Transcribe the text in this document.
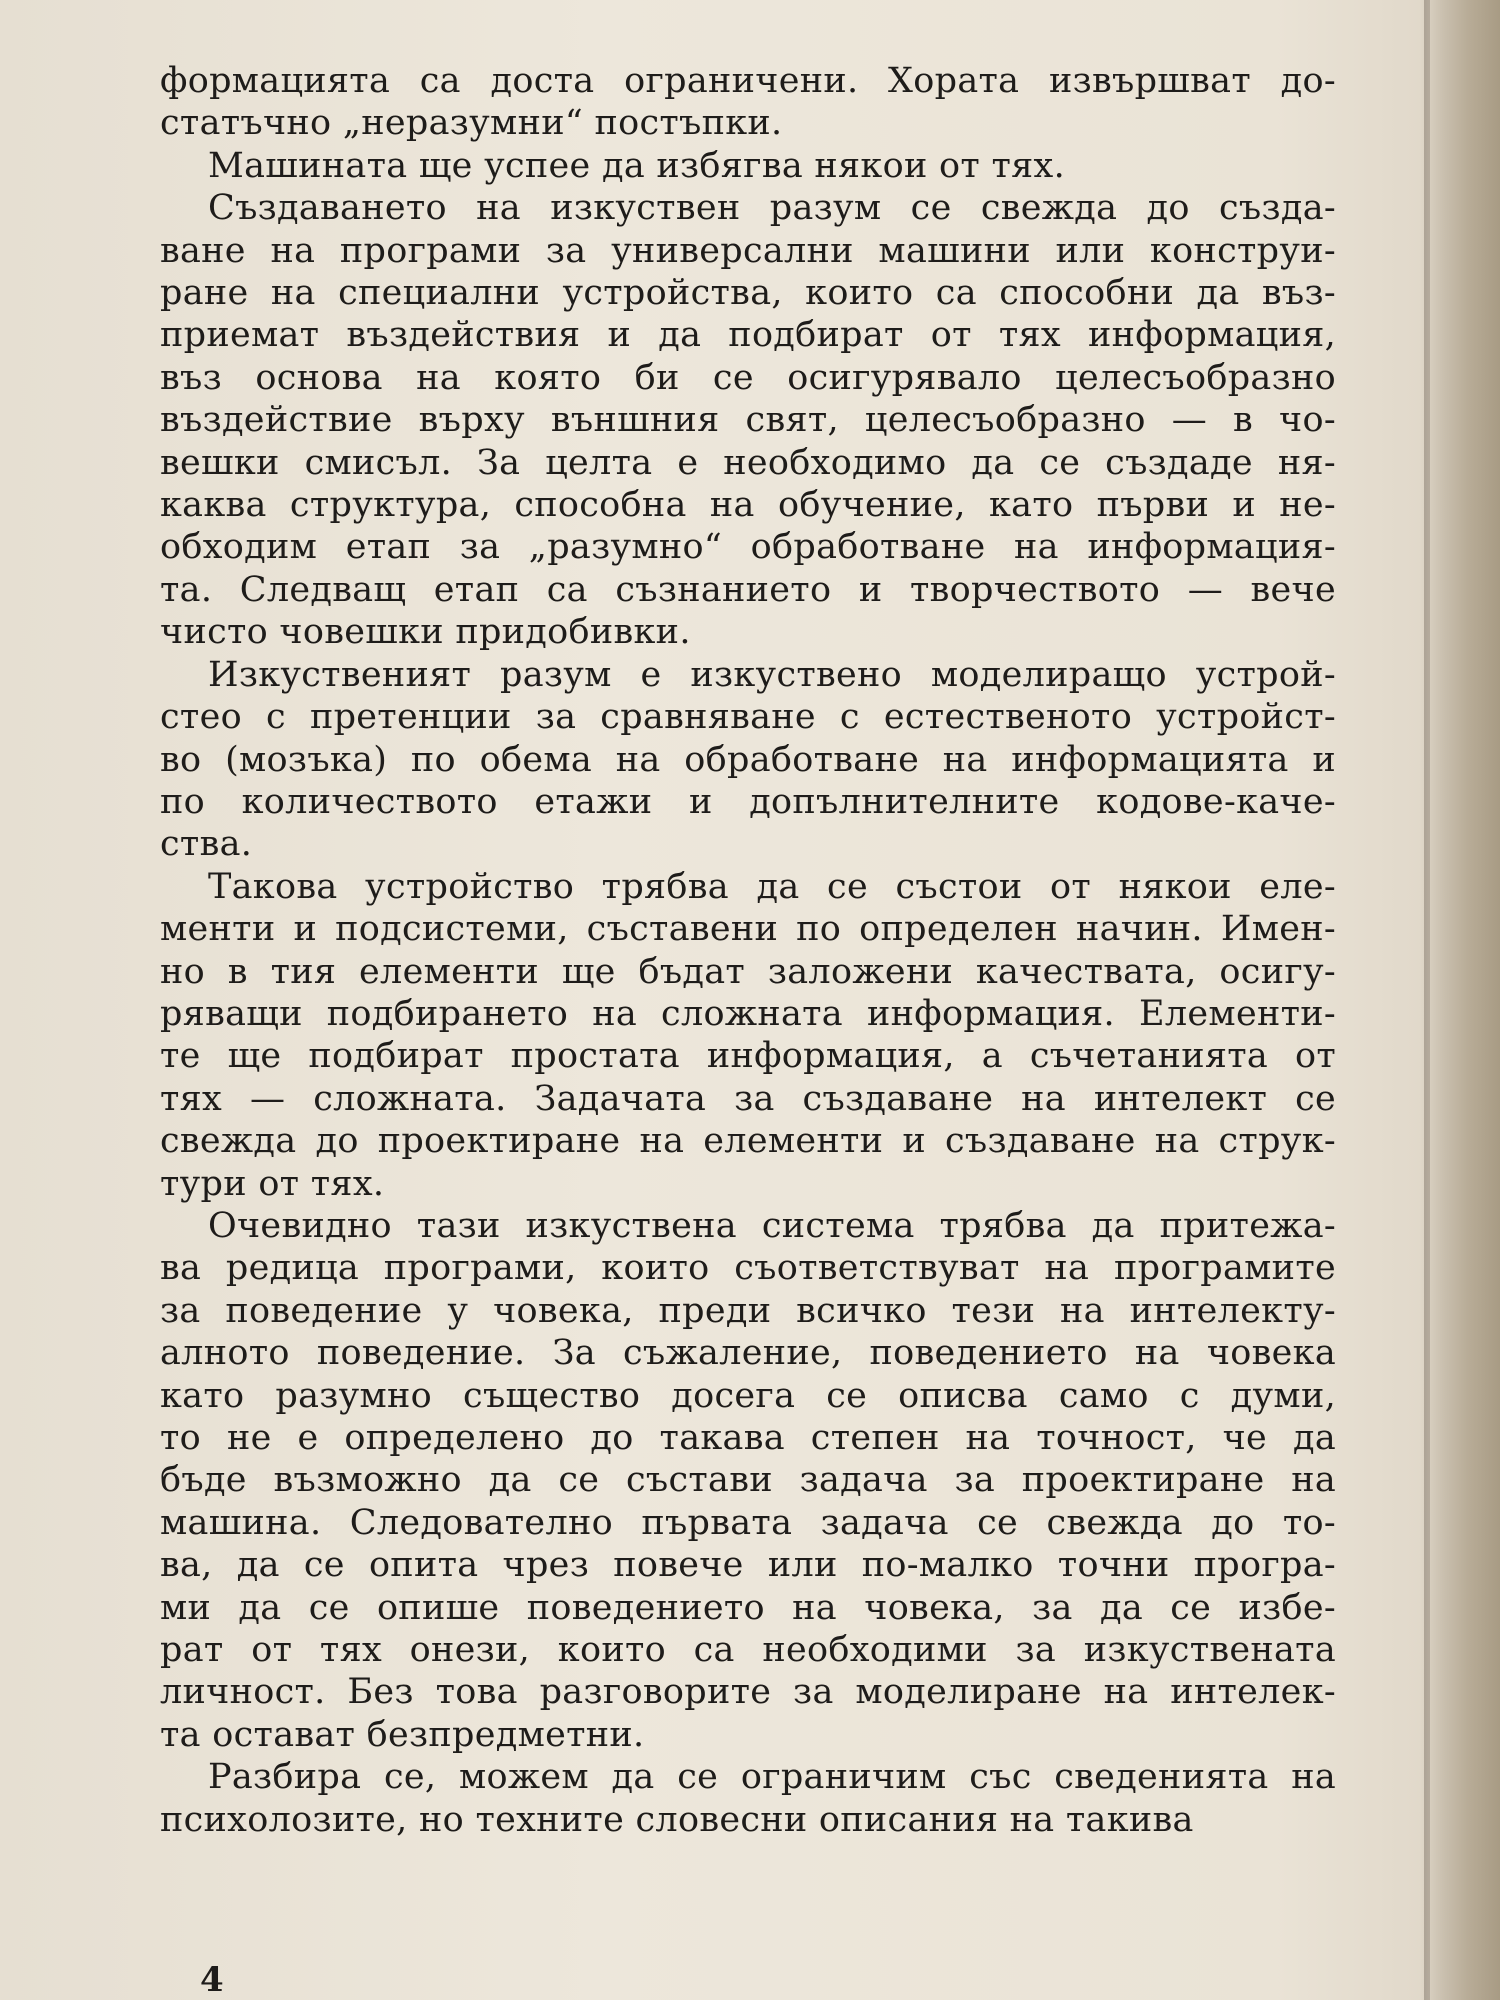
формацията са доста ограничени. Хората извършват до-
статъчно „неразумни“ постъпки.
Машината ще успее да избягва някои от тях.
Създаването на изкуствен разум се свежда до създа-
ване на програми за универсални машини или конструи-
ране на специални устройства, които са способни да въз-
приемат въздействия и да подбират от тях информация,
въз основа на която би се осигурявало целесъобразно
въздействие върху външния свят, целесъобразно — в чо-
вешки смисъл. За целта е необходимо да се създаде ня-
каква структура, способна на обучение, като първи и не-
обходим етап за „разумно“ обработване на информация-
та. Следващ етап са съзнанието и творчеството — вече
чисто човешки придобивки.
Изкуственият разум е изкуствено моделиращо устрой-
стео с претенции за сравняване с естественото устройст-
во (мозъка) по обема на обработване на информацията и
по количеството етажи и допълнителните кодове-каче-
ства.
Такова устройство трябва да се състои от някои еле-
менти и подсистеми, съставени по определен начин. Имен-
но в тия елементи ще бъдат заложени качествата, осигу-
ряващи подбирането на сложната информация. Елементи-
те ще подбират простата информация, а съчетанията от
тях — сложната. Задачата за създаване на интелект се
свежда до проектиране на елементи и създаване на струк-
тури от тях.
Очевидно тази изкуствена система трябва да притежа-
ва редица програми, които съответствуват на програмите
за поведение у човека, преди всичко тези на интелекту-
алното поведение. За съжаление, поведението на човека
като разумно същество досега се описва само с думи,
то не е определено до такава степен на точност, че да
бъде възможно да се състави задача за проектиране на
машина. Следователно първата задача се свежда до то-
ва, да се опита чрез повече или по-малко точни програ-
ми да се опише поведението на човека, за да се избе-
рат от тях онези, които са необходими за изкуствената
личност. Без това разговорите за моделиране на интелек-
та остават безпредметни.
Разбира се, можем да се ограничим със сведенията на
психолозите, но техните словесни описания на такива
4
